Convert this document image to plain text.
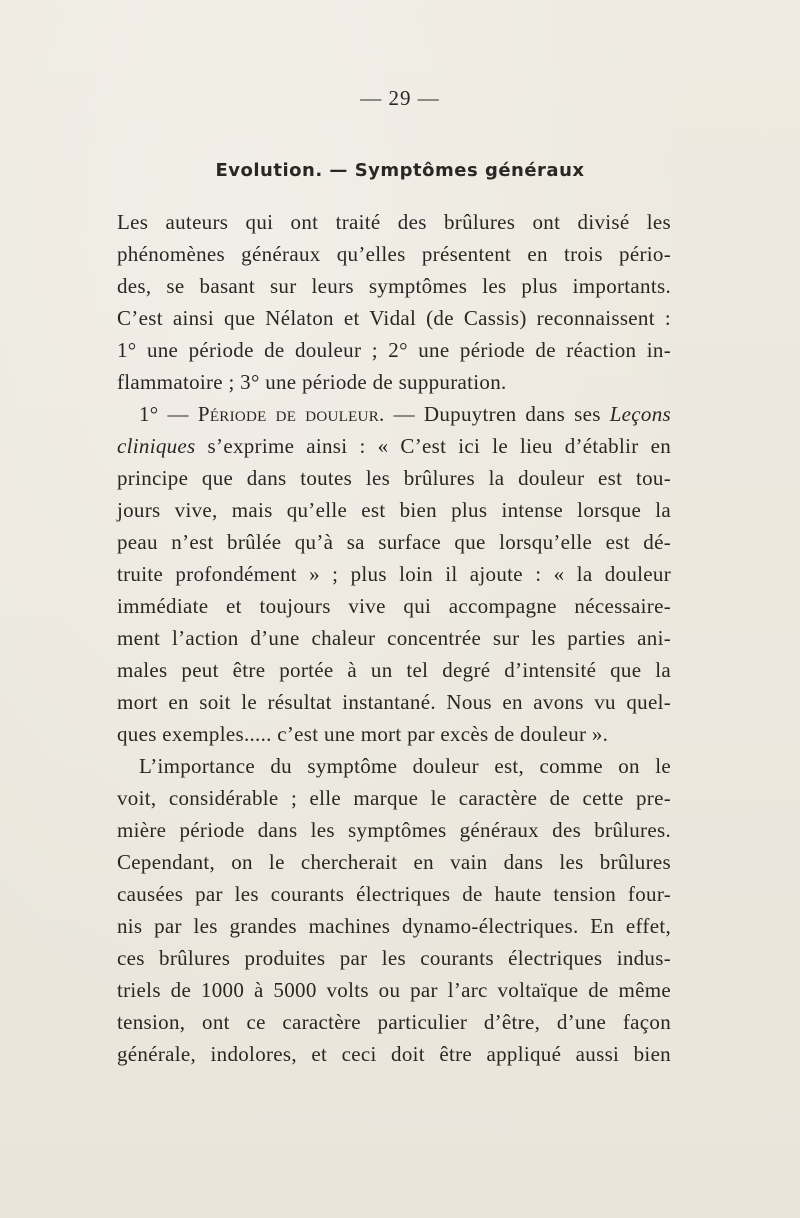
— 29 —
Evolution. — Symptômes généraux
Les auteurs qui ont traité des brûlures ont divisé les
phénomènes généraux qu’elles présentent en trois pério-
des, se basant sur leurs symptômes les plus importants.
C’est ainsi que Nélaton et Vidal (de Cassis) reconnaissent :
1° une période de douleur ; 2° une période de réaction in-
flammatoire ; 3° une période de suppuration.
1° — Période de douleur. — Dupuytren dans ses Leçons
cliniques s’exprime ainsi : « C’est ici le lieu d’établir en
principe que dans toutes les brûlures la douleur est tou-
jours vive, mais qu’elle est bien plus intense lorsque la
peau n’est brûlée qu’à sa surface que lorsqu’elle est dé-
truite profondément » ; plus loin il ajoute : « la douleur
immédiate et toujours vive qui accompagne nécessaire-
ment l’action d’une chaleur concentrée sur les parties ani-
males peut être portée à un tel degré d’intensité que la
mort en soit le résultat instantané. Nous en avons vu quel-
ques exemples..... c’est une mort par excès de douleur ».
L’importance du symptôme douleur est, comme on le
voit, considérable ; elle marque le caractère de cette pre-
mière période dans les symptômes généraux des brûlures.
Cependant, on le chercherait en vain dans les brûlures
causées par les courants électriques de haute tension four-
nis par les grandes machines dynamo-électriques. En effet,
ces brûlures produites par les courants électriques indus-
triels de 1000 à 5000 volts ou par l’arc voltaïque de même
tension, ont ce caractère particulier d’être, d’une façon
générale, indolores, et ceci doit être appliqué aussi bien
